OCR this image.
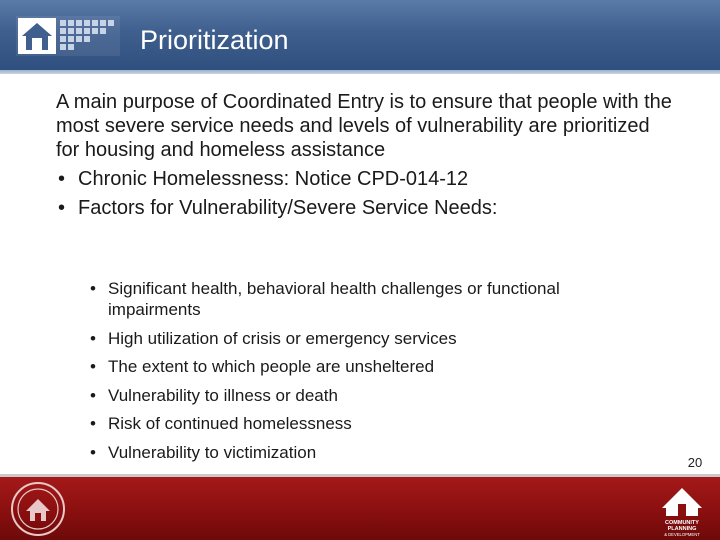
Prioritization

A main purpose of Coordinated Entry is to ensure that people with the most severe service needs and levels of vulnerability are prioritized for housing and homeless assistance

• Chronic Homelessness: Notice CPD-014-12
• Factors for Vulnerability/Severe Service Needs:
• Significant health, behavioral health challenges or functional impairments
• High utilization of crisis or emergency services
• The extent to which people are unsheltered
• Vulnerability to illness or death
• Risk of continued homelessness
• Vulnerability to victimization
20
COMMUNITY
PLANNING
& DEVELOPMENT
